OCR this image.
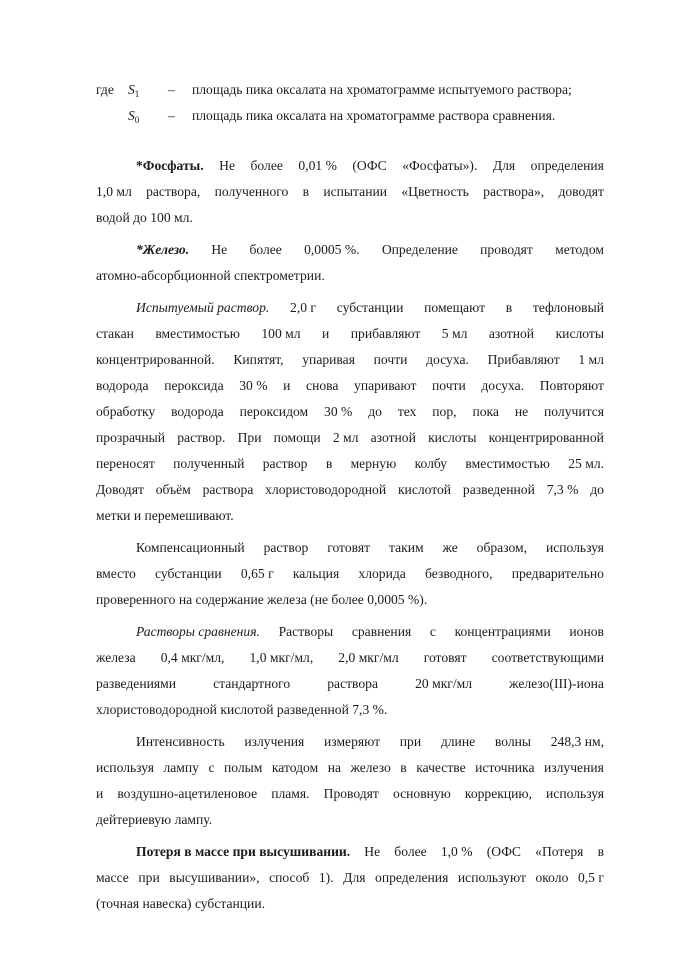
где $S_1$ – площадь пика оксалата на хроматограмме испытуемого раствора;
$S_0$ – площадь пика оксалата на хроматограмме раствора сравнения.
*Фосфаты. Не более 0,01 % (ОФС «Фосфаты»). Для определения
1,0 мл раствора, полученного в испытании «Цветность раствора», доводят
водой до 100 мл.
*Железо. Не более 0,0005 %. Определение проводят методом
атомно-абсорбционной спектрометрии.
Испытуемый раствор. 2,0 г субстанции помещают в тефлоновый
стакан вместимостью 100 мл и прибавляют 5 мл азотной кислоты
концентрированной. Кипятят, упаривая почти досуха. Прибавляют 1 мл
водорода пероксида 30 % и снова упаривают почти досуха. Повторяют
обработку водорода пероксидом 30 % до тех пор, пока не получится
прозрачный раствор. При помощи 2 мл азотной кислоты концентрированной
переносят полученный раствор в мерную колбу вместимостью 25 мл.
Доводят объём раствора хлористоводородной кислотой разведенной 7,3 % до
метки и перемешивают.
Компенсационный раствор готовят таким же образом, используя
вместо субстанции 0,65 г кальция хлорида безводного, предварительно
проверенного на содержание железа (не более 0,0005 %).
Растворы сравнения. Растворы сравнения с концентрациями ионов
железа 0,4 мкг/мл, 1,0 мкг/мл, 2,0 мкг/мл готовят соответствующими
разведениями	стандартного	раствора	20 мкг/мл	железо(III)-иона
хлористоводородной кислотой разведенной 7,3 %.
Интенсивность излучения измеряют при длине волны 248,3 нм,
используя лампу с полым катодом на железо в качестве источника излучения
и воздушно-ацетиленовое пламя. Проводят основную коррекцию, используя
дейтериевую лампу.
Потеря в массе при высушивании. Не более 1,0 % (ОФС «Потеря в
массе при высушивании», способ 1). Для определения используют около 0,5 г
(точная навеска) субстанции.
